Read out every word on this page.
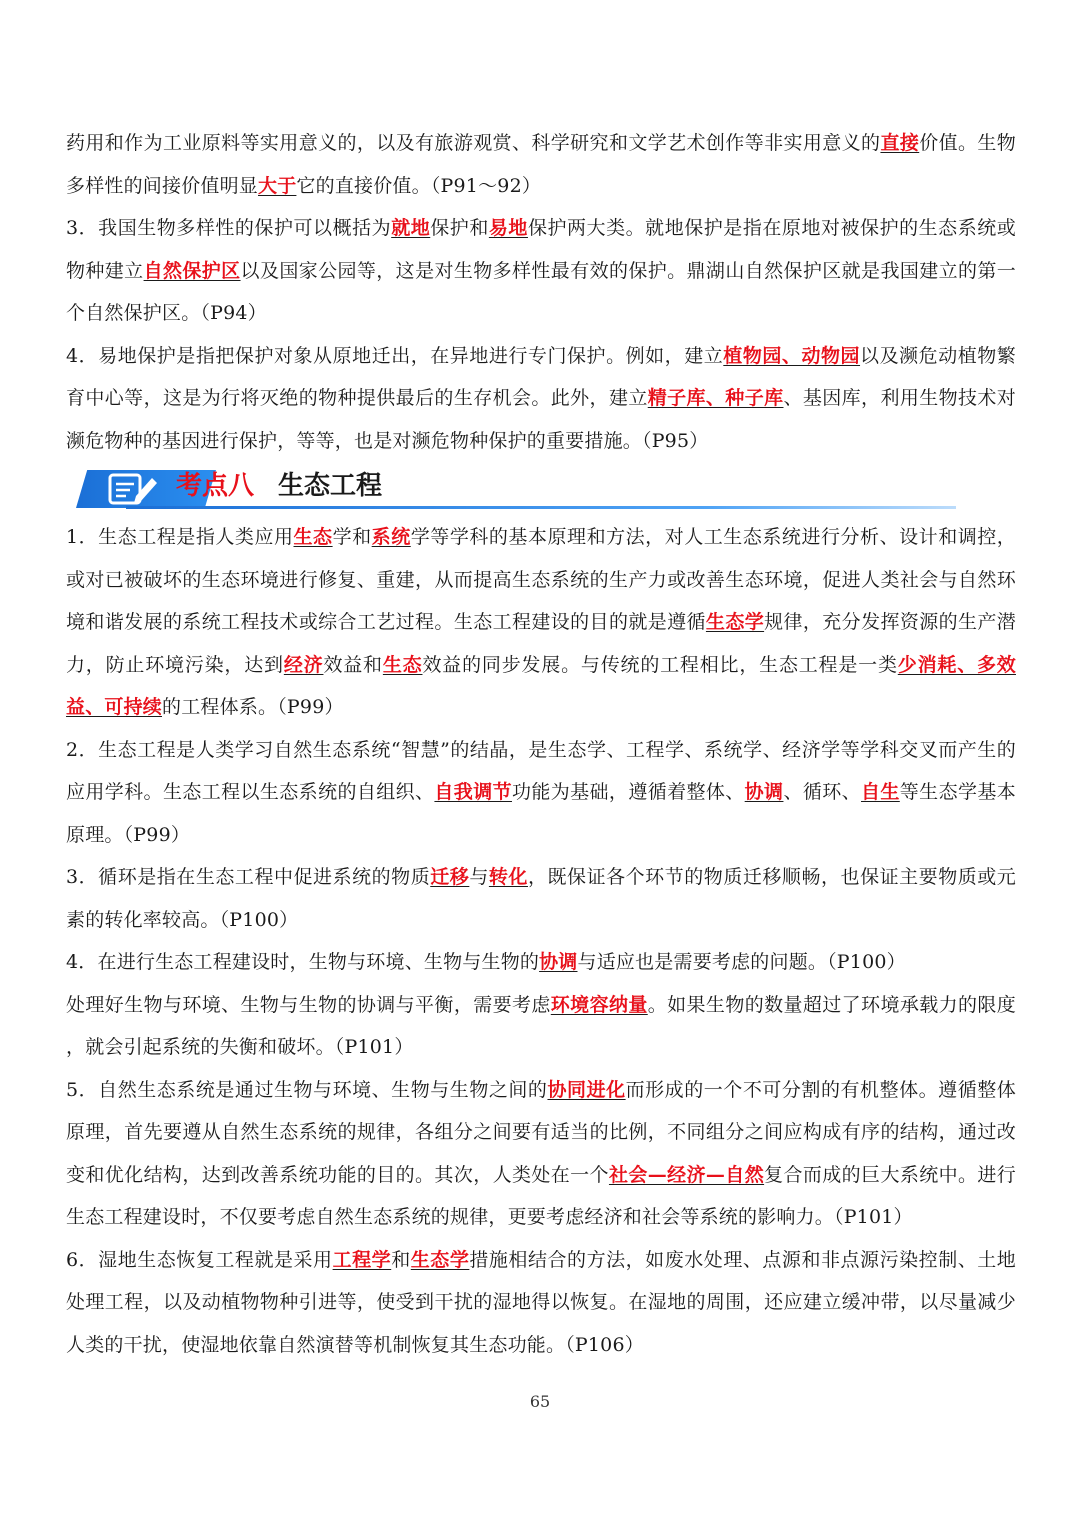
药用和作为工业原料等实用意义的，以及有旅游观赏、科学研究和文学艺术创作等非实用意义的直接价值。生物多样性的间接价值明显大于它的直接价值。（P91～92）

3．我国生物多样性的保护可以概括为就地保护和易地保护两大类。就地保护是指在原地对被保护的生态系统或物种建立自然保护区以及国家公园等，这是对生物多样性最有效的保护。鼎湖山自然保护区就是我国建立的第一个自然保护区。（P94）

4．易地保护是指把保护对象从原地迁出，在异地进行专门保护。例如，建立植物园、动物园以及濒危动植物繁育中心等，这是为行将灭绝的物种提供最后的生存机会。此外，建立精子库、种子库、基因库，利用生物技术对濒危物种的基因进行保护，等等，也是对濒危物种保护的重要措施。（P95）

考点八 生态工程

1．生态工程是指人类应用生态学和系统学等学科的基本原理和方法，对人工生态系统进行分析、设计和调控，或对已被破坏的生态环境进行修复、重建，从而提高生态系统的生产力或改善生态环境，促进人类社会与自然环境和谐发展的系统工程技术或综合工艺过程。生态工程建设的目的就是遵循生态学规律，充分发挥资源的生产潜力，防止环境污染，达到经济效益和生态效益的同步发展。与传统的工程相比，生态工程是一类少消耗、多效益、可持续的工程体系。（P99）

2．生态工程是人类学习自然生态系统“智慧”的结晶，是生态学、工程学、系统学、经济学等学科交叉而产生的应用学科。生态工程以生态系统的自组织、自我调节功能为基础，遵循着整体、协调、循环、自生等生态学基本原理。（P99）

3．循环是指在生态工程中促进系统的物质迁移与转化，既保证各个环节的物质迁移顺畅，也保证主要物质或元素的转化率较高。（P100）

4．在进行生态工程建设时，生物与环境、生物与生物的协调与适应也是需要考虑的问题。（P100）

处理好生物与环境、生物与生物的协调与平衡，需要考虑环境容纳量。如果生物的数量超过了环境承载力的限度 ，就会引起系统的失衡和破坏。（P101）

5．自然生态系统是通过生物与环境、生物与生物之间的协同进化而形成的一个不可分割的有机整体。遵循整体原理，首先要遵从自然生态系统的规律，各组分之间要有适当的比例，不同组分之间应构成有序的结构，通过改变和优化结构，达到改善系统功能的目的。其次，人类处在一个社会—经济—自然复合而成的巨大系统中。进行生态工程建设时，不仅要考虑自然生态系统的规律，更要考虑经济和社会等系统的影响力。（P101）

6．湿地生态恢复工程就是采用工程学和生态学措施相结合的方法，如废水处理、点源和非点源污染控制、土地处理工程，以及动植物物种引进等，使受到干扰的湿地得以恢复。在湿地的周围，还应建立缓冲带，以尽量减少人类的干扰，使湿地依靠自然演替等机制恢复其生态功能。（P106）

65
